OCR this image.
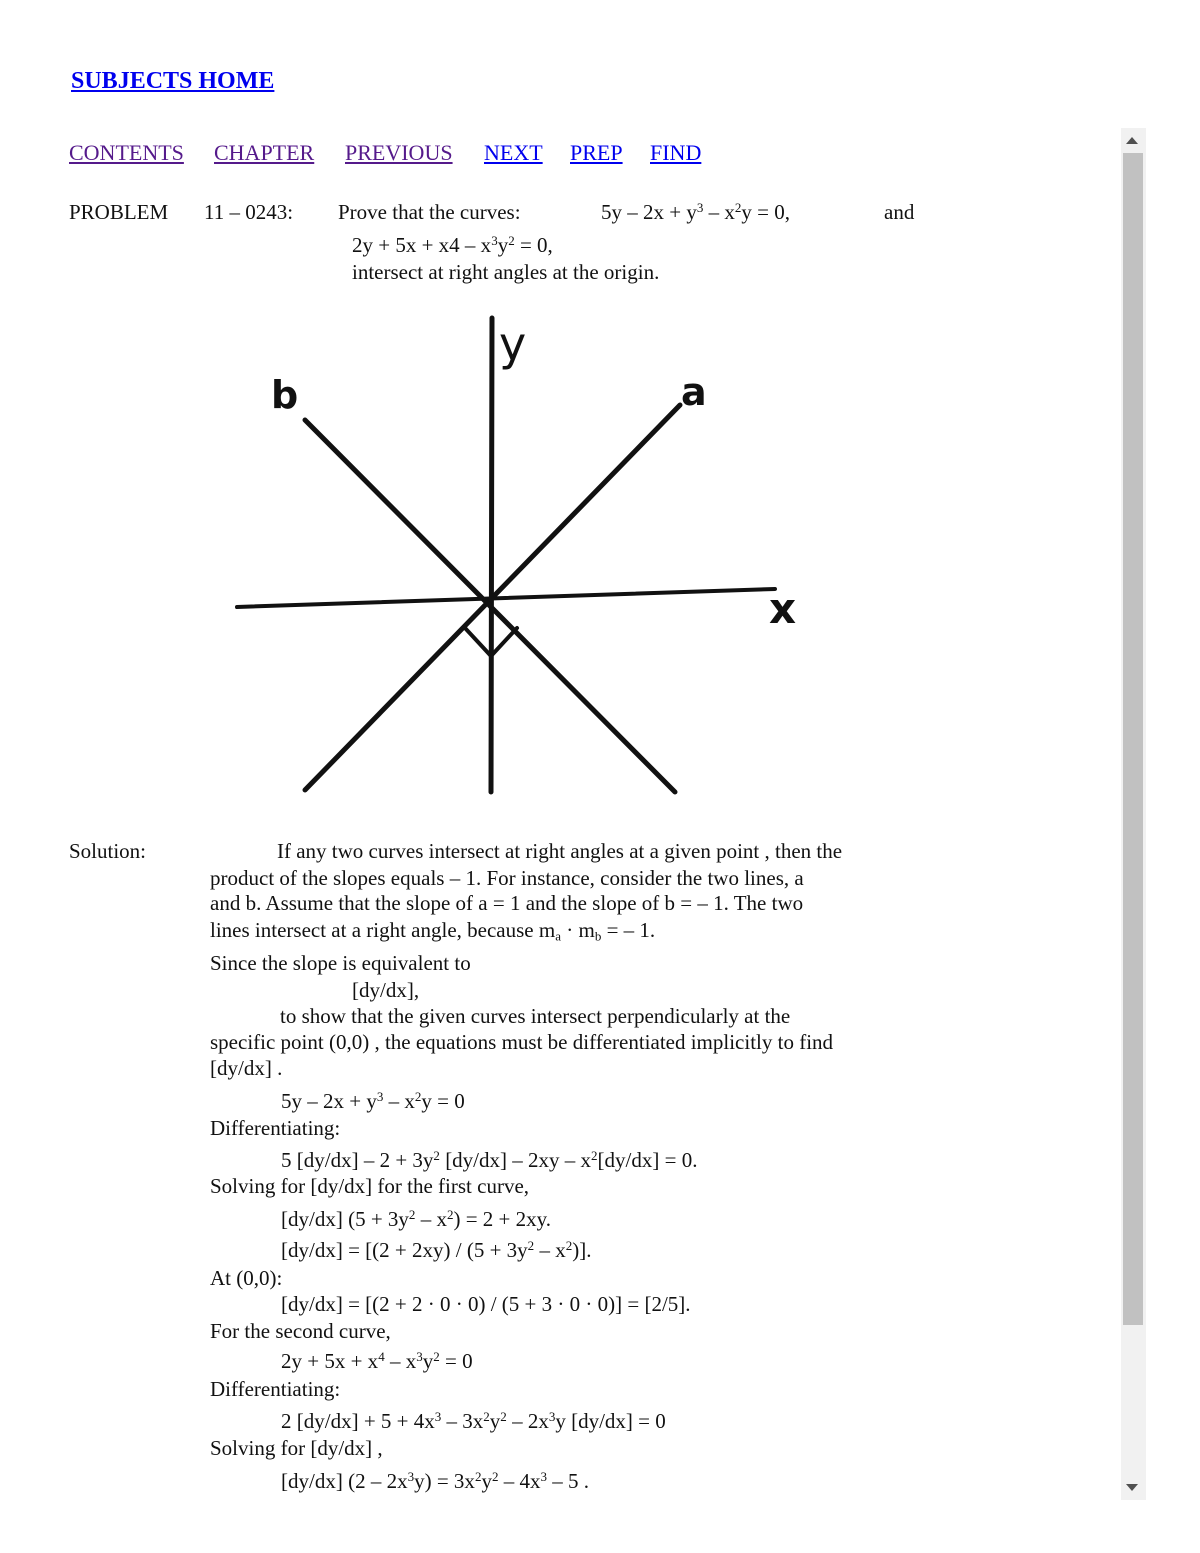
SUBJECTS HOME
CONTENTS CHAPTER PREVIOUS NEXT PREP FIND
PROBLEM 11 – 0243: Prove that the curves:	$5y - 2x + y^3 - x^2y = 0$,	and
$2y + 5x + x4 - x^3y^2 = 0$,
intersect at right angles at the origin.
y
x
a
b
Solution:	If any two curves intersect at right angles at a given point , then the
product of the slopes equals – 1. For instance, consider the two lines, a
and b. Assume that the slope of a = 1 and the slope of b = – 1. The two
lines intersect at a right angle, because $m_a \cdot m_b$ = – 1.
Since the slope is equivalent to
[dy/dx],
to show that the given curves intersect perpendicularly at the
specific point (0,0) , the equations must be differentiated implicitly to find
[dy/dx] .
$5y - 2x + y^3 - x^2y = 0$
Differentiating:
5 $[dy/dx] - 2 + 3y^2$ $[dy/dx] - 2xy - x^2[dy/dx] = 0$.
Solving for [dy/dx] for the first curve,
[dy/dx] $(5 + 3y^2 - x^2) = 2 + 2xy$.
$[dy/dx] = [(2 + 2xy) / (5 + 3y^2 - x^2)]$.
At (0,0):
[dy/dx] = [(2 + 2 · 0 · 0) / (5 + 3 · 0 · 0)] = [2/5].
For the second curve,
$2y + 5x + x^4 - x^3y^2 = 0$
Differentiating:
2 $[dy/dx] + 5 + 4x^3 - 3x^2y^2 - 2x^3y$ [dy/dx] = 0
Solving for [dy/dx] ,
[dy/dx] $(2 - 2x^3y) = 3x^2y^2 - 4x^3 - 5$ .
